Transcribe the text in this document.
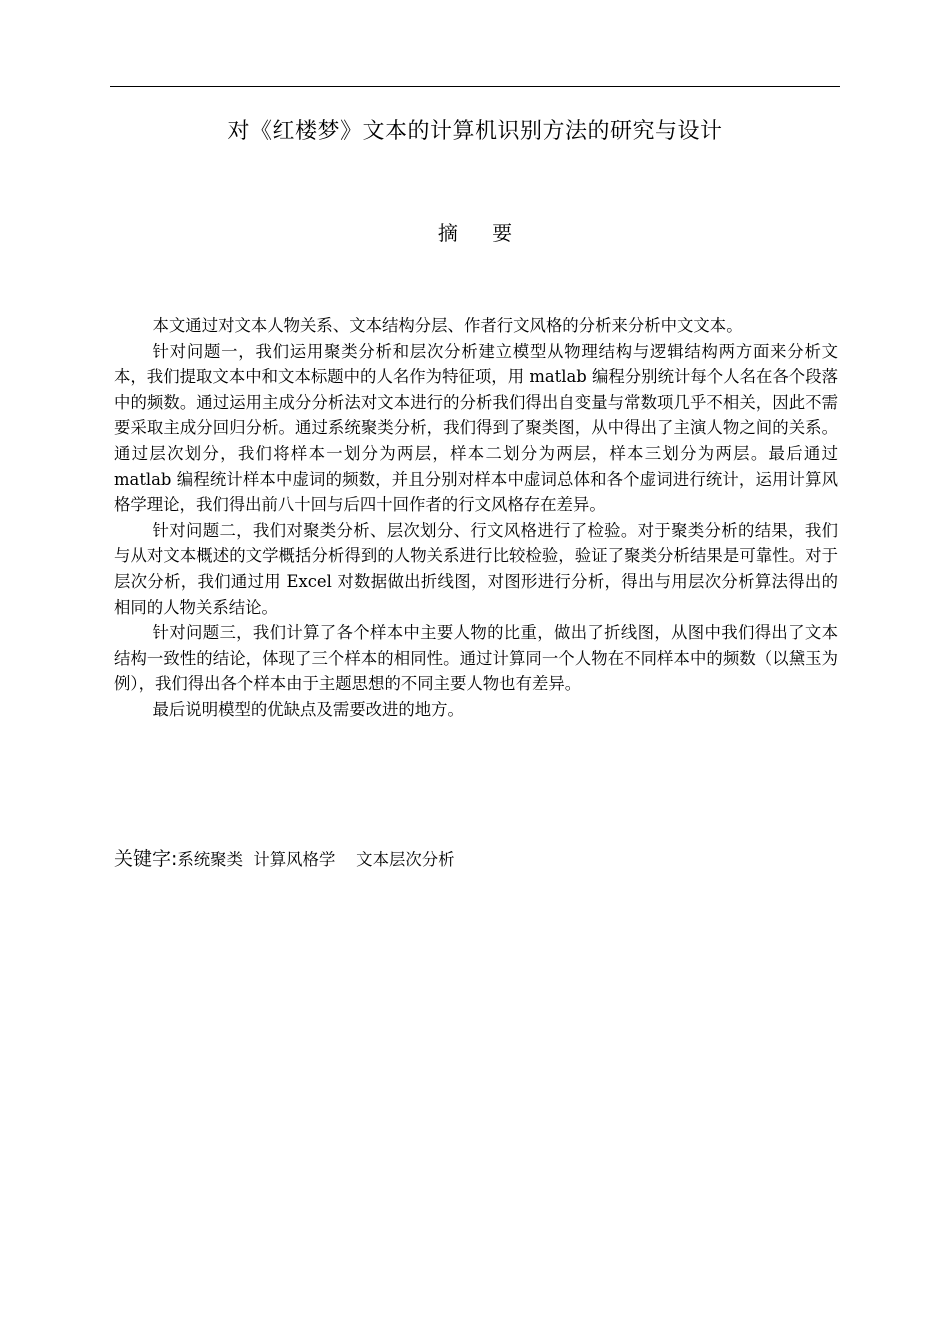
对《红楼梦》文本的计算机识别方法的研究与设计
摘 要

本文通过对文本人物关系、文本结构分层、作者行文风格的分析来分析中文文本。

针对问题一，我们运用聚类分析和层次分析建立模型从物理结构与逻辑结构两方面来分析文本，我们提取文本中和文本标题中的人名作为特征项，用 matlab 编程分别统计每个人名在各个段落中的频数。通过运用主成分分析法对文本进行的分析我们得出自变量与常数项几乎不相关，因此不需要采取主成分回归分析。通过系统聚类分析，我们得到了聚类图，从中得出了主演人物之间的关系。通过层次划分，我们将样本一划分为两层，样本二划分为两层，样本三划分为两层。最后通过 matlab 编程统计样本中虚词的频数，并且分别对样本中虚词总体和各个虚词进行统计，运用计算风格学理论，我们得出前八十回与后四十回作者的行文风格存在差异。

针对问题二，我们对聚类分析、层次划分、行文风格进行了检验。对于聚类分析的结果，我们与从对文本概述的文学概括分析得到的人物关系进行比较检验，验证了聚类分析结果是可靠性。对于层次分析，我们通过用 Excel 对数据做出折线图，对图形进行分析，得出与用层次分析算法得出的相同的人物关系结论。

针对问题三，我们计算了各个样本中主要人物的比重，做出了折线图，从图中我们得出了文本结构一致性的结论，体现了三个样本的相同性。通过计算同一个人物在不同样本中的频数（以黛玉为例），我们得出各个样本由于主题思想的不同主要人物也有差异。

最后说明模型的优缺点及需要改进的地方。

关键字:系统聚类  计算风格学    文本层次分析
